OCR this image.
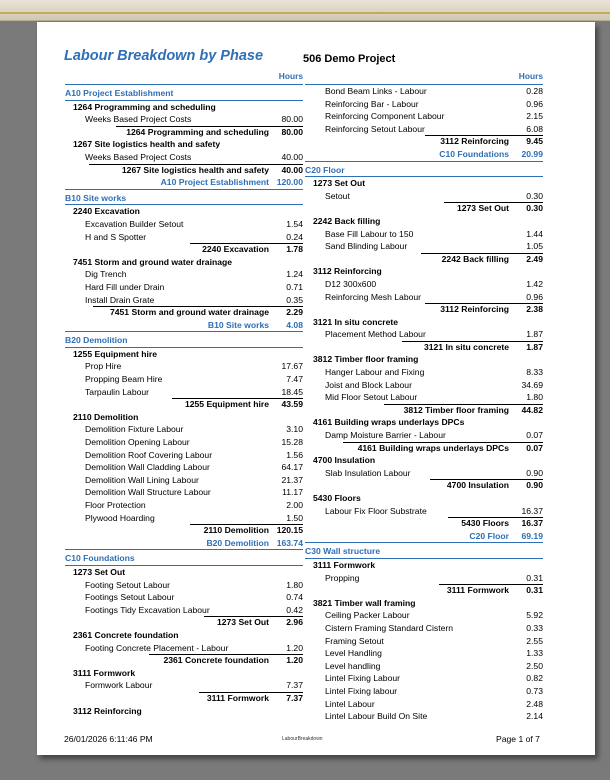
Labour Breakdown by Phase	506 Demo Project
Hours
A10 Project Establishment
1264 Programming and scheduling
Weeks Based Project Costs	80.00
1264 Programming and scheduling 80.00
1267 Site logistics health and safety
Weeks Based Project Costs	40.00
1267 Site logistics health and safety 40.00
A10 Project Establishment 120.00
B10 Site works
2240 Excavation
Excavation Builder Setout	1.54
H and S Spotter	0.24
2240 Excavation 1.78
7451 Storm and ground water drainage
Dig Trench	1.24
Hard Fill under Drain	0.71
Install Drain Grate	0.35
7451 Storm and ground water drainage 2.29
B10 Site works 4.08
B20 Demolition
1255 Equipment hire
Prop Hire	17.67
Propping Beam Hire	7.47
Tarpaulin Labour	18.45
1255 Equipment hire 43.59
2110 Demolition
Demolition Fixture Labour	3.10
Demolition Opening Labour	15.28
Demolition Roof Covering Labour	1.56
Demolition Wall Cladding Labour	64.17
Demolition Wall Lining Labour	21.37
Demolition Wall Structure Labour	11.17
Floor Protection	2.00
Plywood Hoarding	1.50
2110 Demolition 120.15
B20 Demolition 163.74
C10 Foundations
1273 Set Out
Footing Setout Labour	1.80
Footings Setout Labour	0.74
Footings Tidy Excavation Labour	0.42
1273 Set Out 2.96
2361 Concrete foundation
Footing Concrete Placement - Labour	1.20
2361 Concrete foundation 1.20
3111 Formwork
Formwork Labour	7.37
3111 Formwork 7.37
3112 Reinforcing
Hours
Bond Beam Links - Labour	0.28
Reinforcing Bar - Labour	0.96
Reinforcing Component Labour	2.15
Reinforcing Setout Labour	6.08
3112 Reinforcing 9.45
C10 Foundations 20.99
C20 Floor
1273 Set Out
Setout	0.30
1273 Set Out 0.30
2242 Back filling
Base Fill Labour to 150	1.44
Sand Blinding Labour	1.05
2242 Back filling 2.49
3112 Reinforcing
D12 300x600	1.42
Reinforcing Mesh Labour	0.96
3112 Reinforcing 2.38
3121 In situ concrete
Placement Method Labour	1.87
3121 In situ concrete 1.87
3812 Timber floor framing
Hanger Labour and Fixing	8.33
Joist and Block Labour	34.69
Mid Floor Setout Labour	1.80
3812 Timber floor framing 44.82
4161 Building wraps underlays DPCs
Damp Moisture Barrier - Labour	0.07
4161 Building wraps underlays DPCs 0.07
4700 Insulation
Slab Insulation Labour	0.90
4700 Insulation 0.90
5430 Floors
Labour Fix Floor Substrate	16.37
5430 Floors 16.37
C20 Floor 69.19
C30 Wall structure
3111 Formwork
Propping	0.31
3111 Formwork 0.31
3821 Timber wall framing
Ceiling Packer Labour	5.92
Cistern Framing Standard Cistern	0.33
Framing Setout	2.55
Level Handling	1.33
Level handling	2.50
Lintel Fixing Labour	0.82
Lintel Fixing labour	0.73
Lintel Labour	2.48
Lintel Labour Build On Site	2.14
26/01/2026 6:11:46 PM	LabourBreakdown	Page 1 of 7
